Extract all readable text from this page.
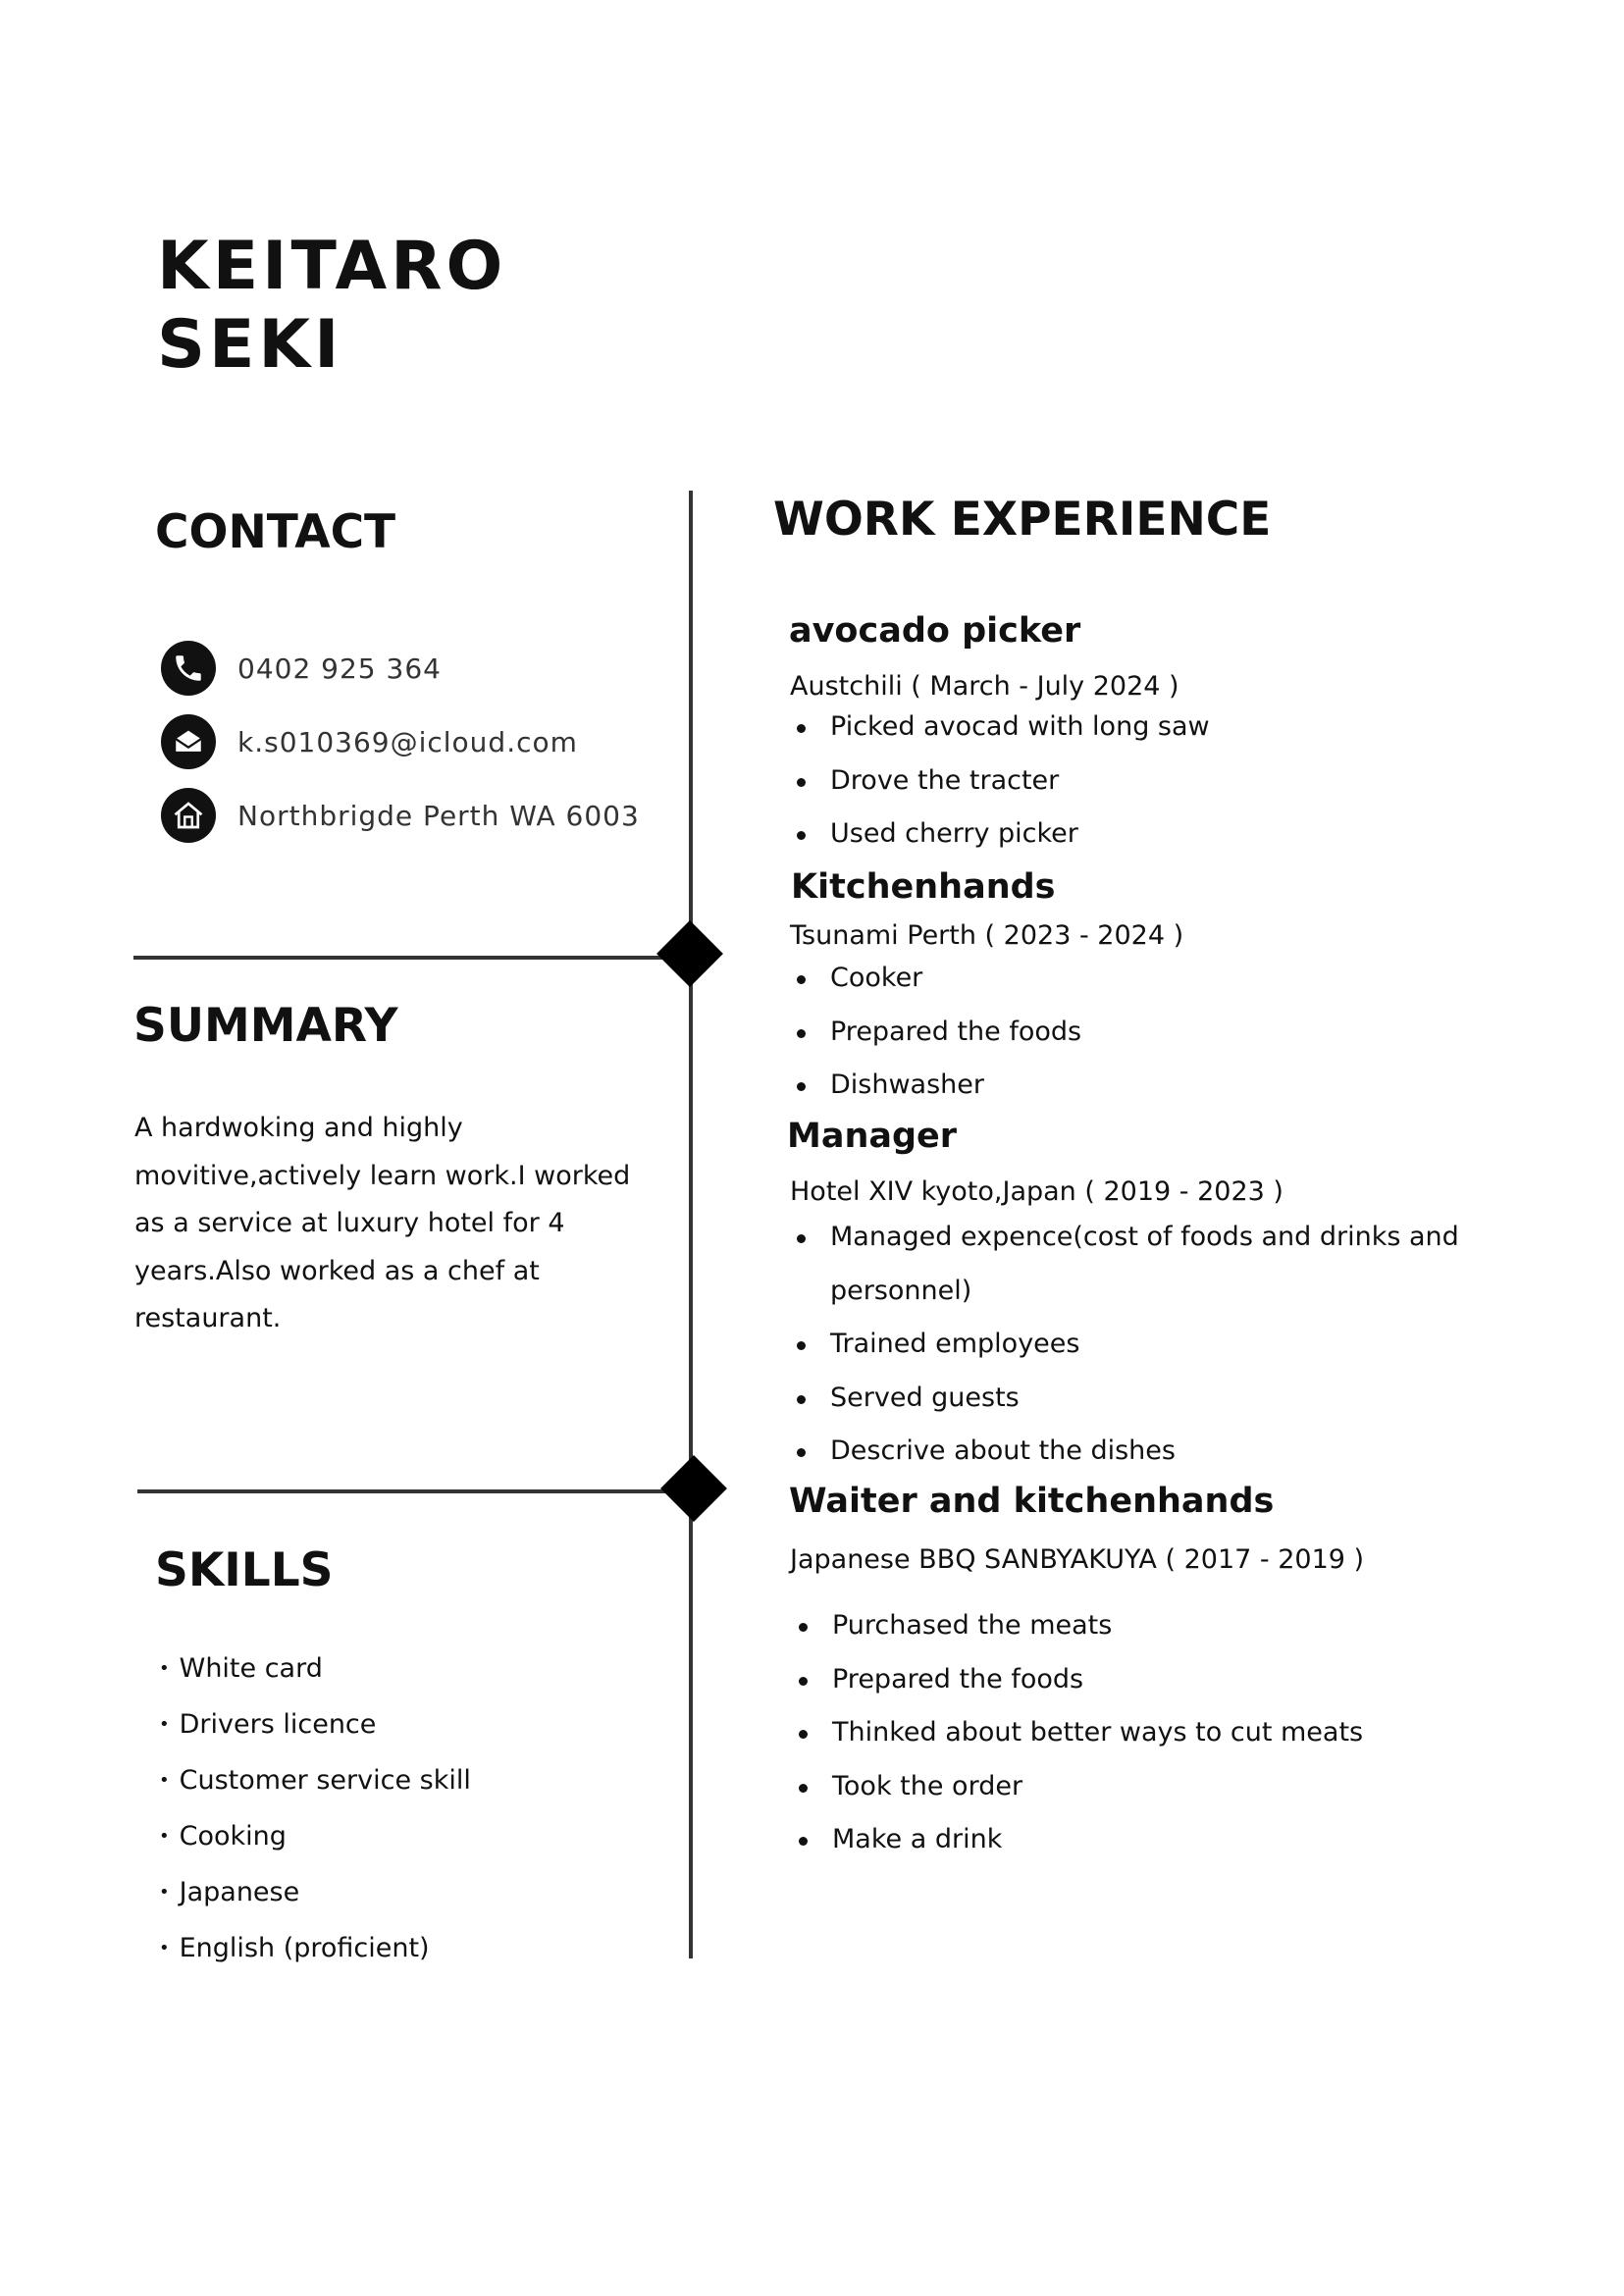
KEITARO
SEKI
CONTACT
0402 925 364
k.s010369@icloud.com
Northbrigde Perth WA 6003
SUMMARY

A hardwoking and highly movitive,actively learn work.I worked as a service at luxury hotel for 4 years.Also worked as a chef at restaurant.

SKILLS
• White card
• Drivers licence
• Customer service skill
• Cooking
• Japanese
• English (proficient)
WORK EXPERIENCE
avocado picker

Austchili ( March - July 2024 )

Picked avocad with long saw
Drove the tracter
Used cherry picker
Kitchenhands

Tsunami Perth ( 2023 - 2024 )

Cooker
Prepared the foods
Dishwasher
Manager

Hotel XIV kyoto,Japan ( 2019 - 2023 )

Managed expence(cost of foods and drinks and personnel)
Trained employees
Served guests
Descrive about the dishes
Waiter and kitchenhands

Japanese BBQ SANBYAKUYA ( 2017 - 2019 )

Purchased the meats
Prepared the foods
Thinked about better ways to cut meats
Took the order
Make a drink
